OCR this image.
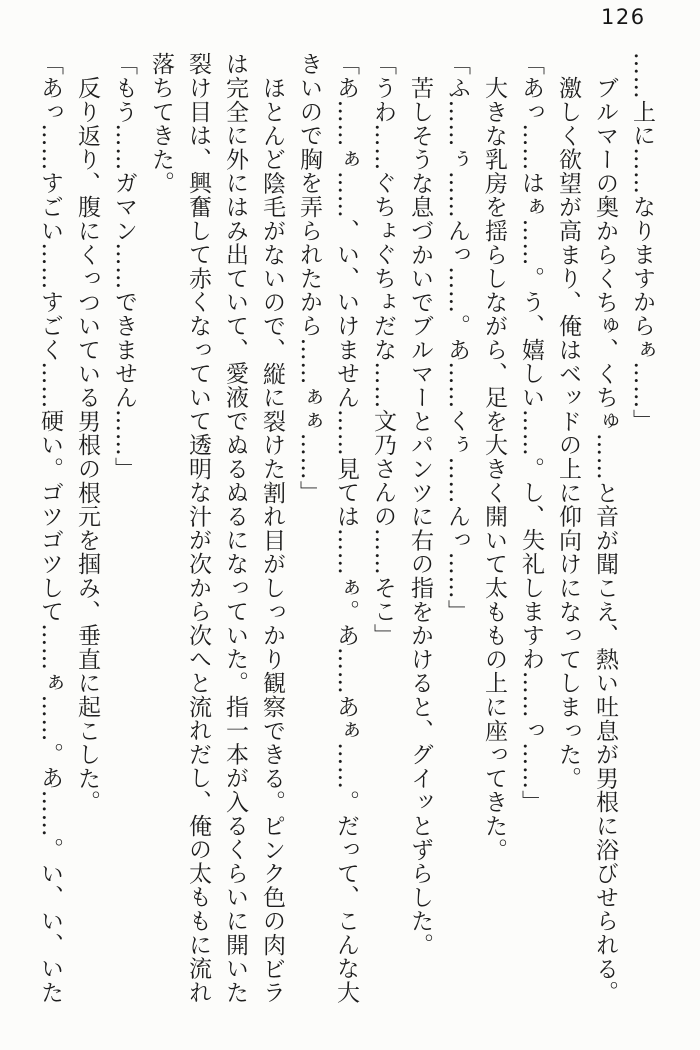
126

……上に……なりますからぁ……」

ブルマーの奥からくちゅ、くちゅ……と音が聞こえ、熱い吐息が男根に浴びせられる。

激しく欲望が高まり、俺はベッドの上に仰向けになってしまった。

「あっ……はぁ……。う、嬉しい……。し、失礼しますわ……っ……」

大きな乳房を揺らしながら、足を大きく開いて太ももの上に座ってきた。

「ふ……ぅ……んっ……。あ……くぅ……んっ……」

苦しそうな息づかいでブルマーとパンツに右の指をかけると、グイッとずらした。

「うわ……ぐちょぐちょだな……文乃さんの……そこ」

「あ……ぁ……、い、いけません……見ては……ぁ。あ……あぁ……。だって、こんな大きいので胸を弄られたから……ぁぁ……」

ほとんど陰毛がないので、縦に裂けた割れ目がしっかり観察できる。ピンク色の肉ビラは完全に外にはみ出ていて、愛液でぬるぬるになっていた。指一本が入るくらいに開いた裂け目は、興奮して赤くなっていて透明な汁が次から次へと流れだし、俺の太ももに流れ落ちてきた。

「もう……ガマン……できません……」

反り返り、腹にくっついている男根の根元を掴み、垂直に起こした。

「あっ……すごい……すごく……硬い。ゴツゴツして……ぁ……。あ……。い、い、いた
